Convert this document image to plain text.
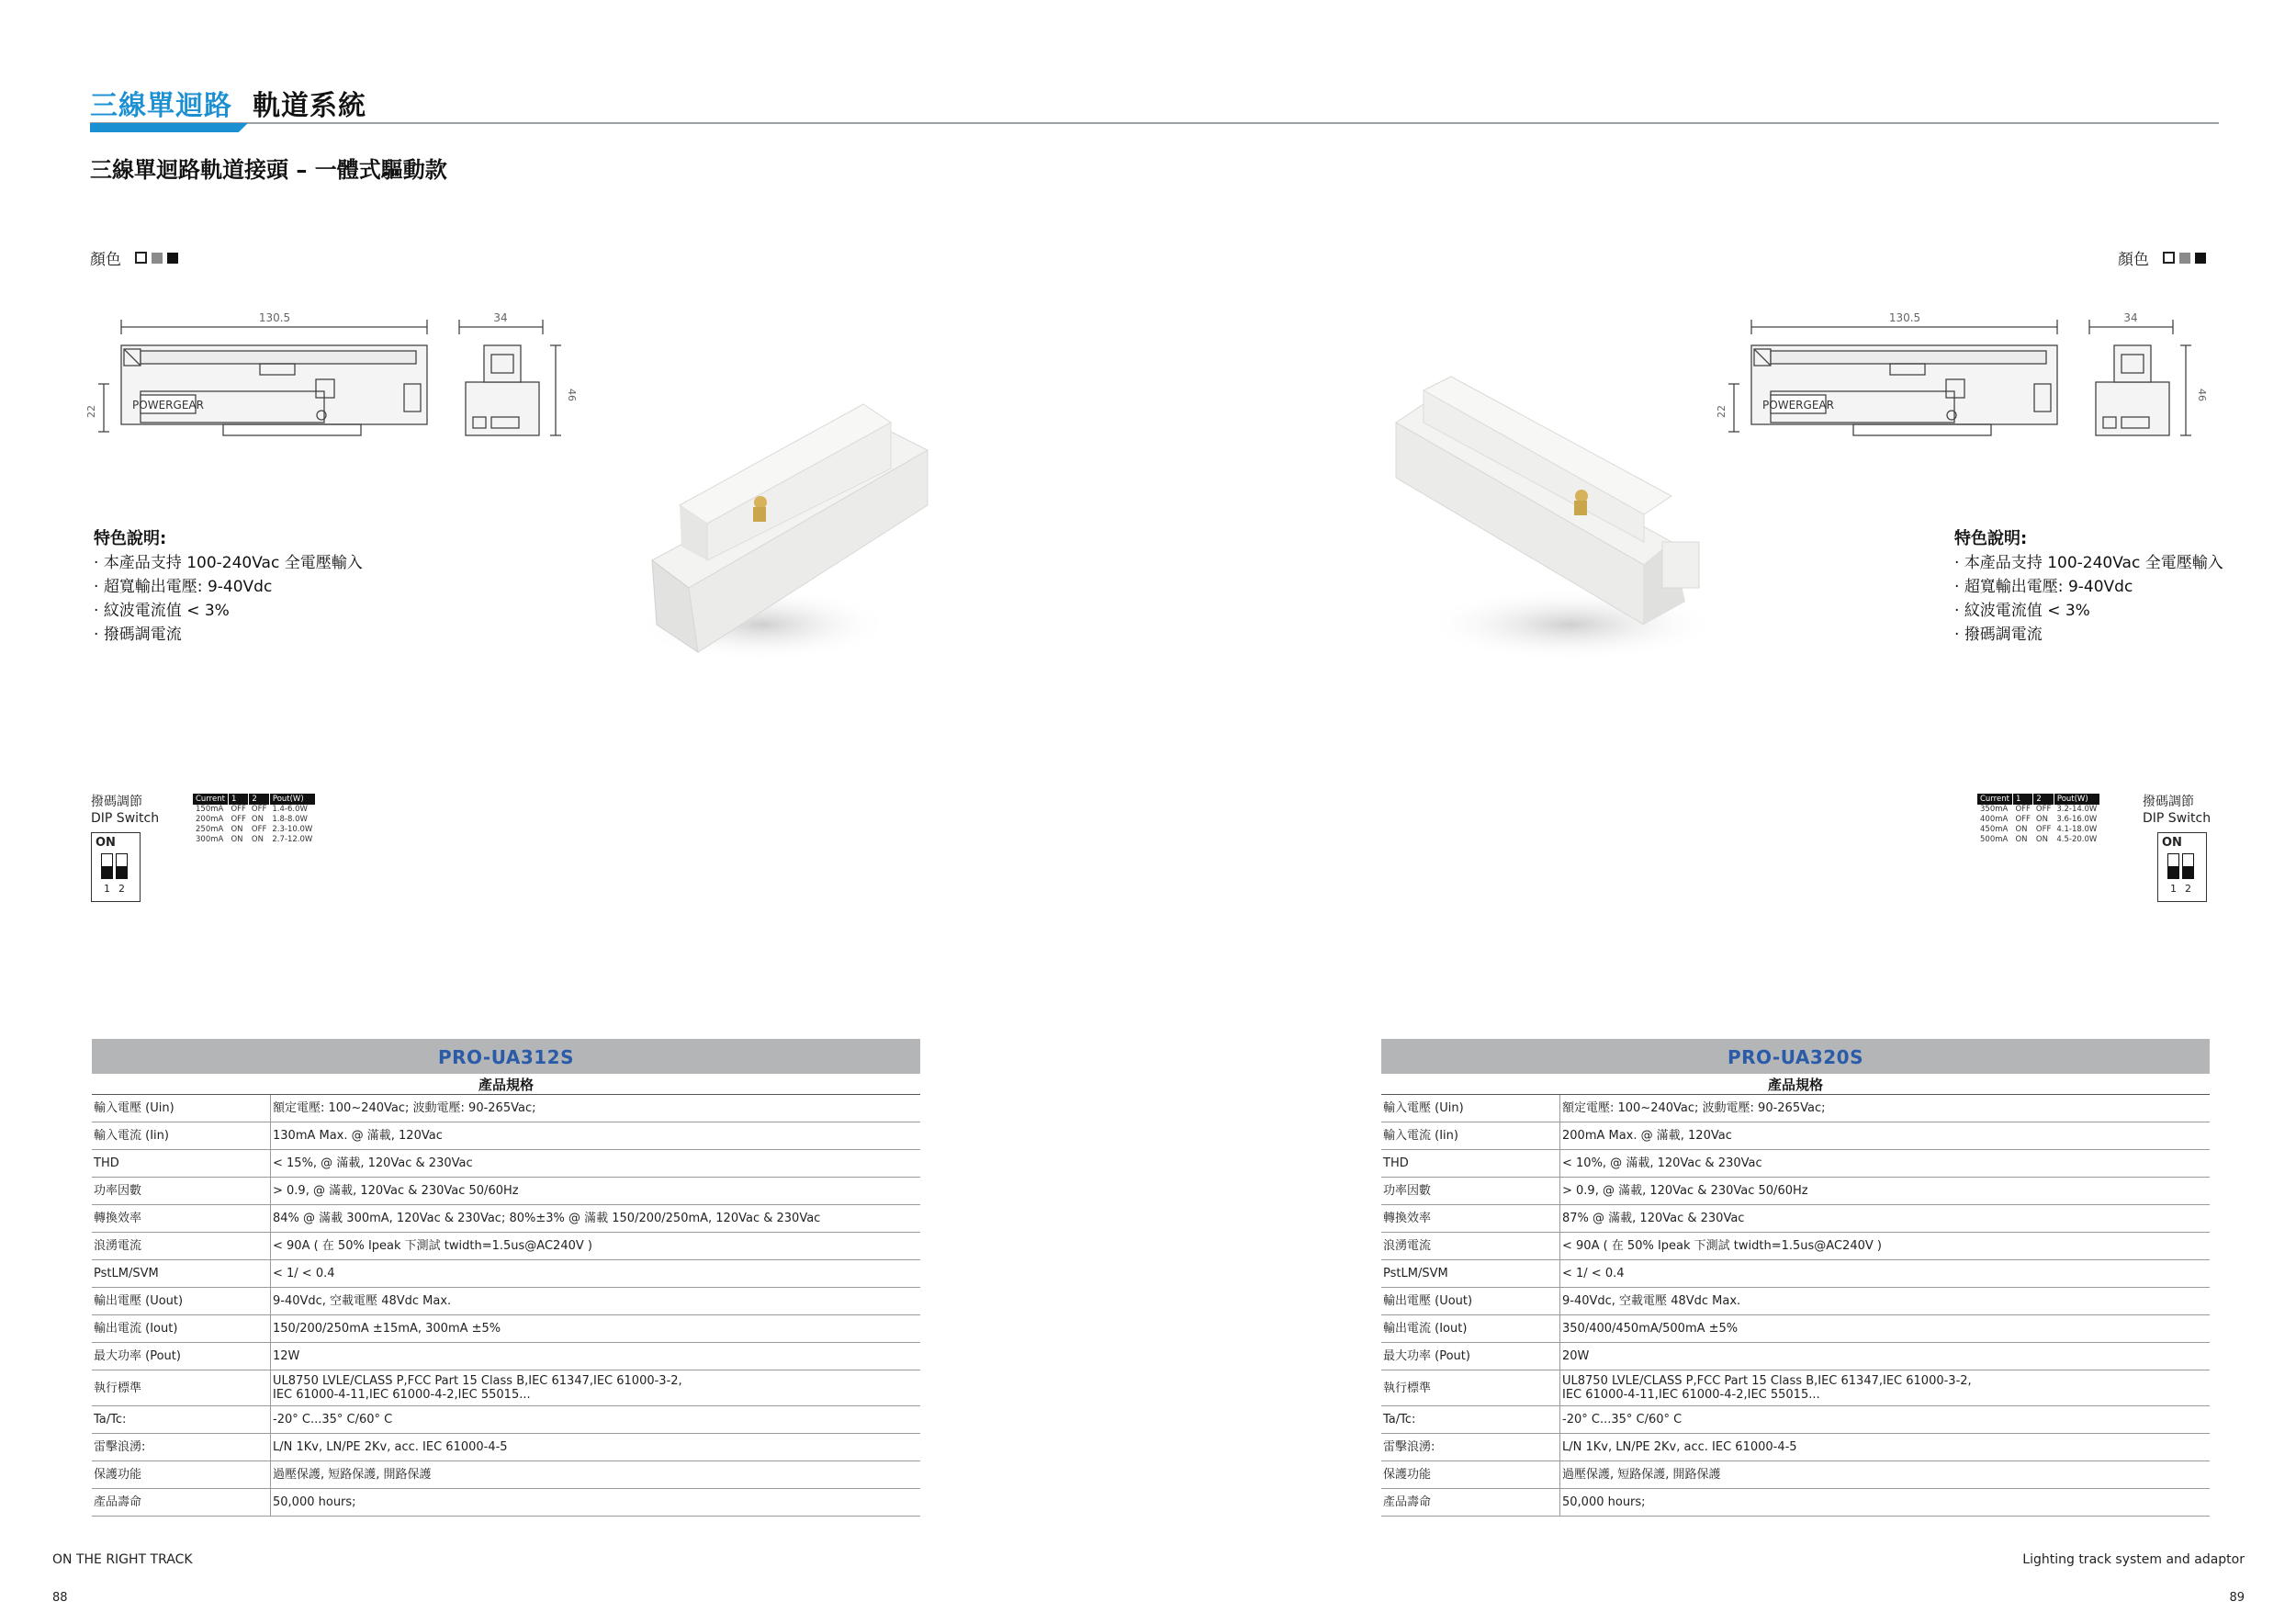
三線單迴路 軌道系統
三線單迴路軌道接頭 – 一體式驅動款
顏色	顏色
POWERGEAR
130.5	34
22
46
POWERGEAR
130.5	34
22
46
特色說明:
· 本產品支持 100-240Vac 全電壓輸入
· 超寬輸出電壓: 9-40Vdc
· 紋波電流值 < 3%
· 撥碼調電流
特色說明:
· 本產品支持 100-240Vac 全電壓輸入
· 超寬輸出電壓: 9-40Vdc
· 紋波電流值 < 3%
· 撥碼調電流
撥碼調節
DIP Switch
ON
1 2
Current	1	2	Pout(W)
150mA	OFF	OFF	1.4-6.0W
200mA	OFF	ON	1.8-8.0W
250mA	ON	OFF	2.3-10.0W
300mA	ON	ON	2.7-12.0W
Current	1	2	Pout(W)
350mA	OFF	OFF	3.2-14.0W
400mA	OFF	ON	3.6-16.0W
450mA	ON	OFF	4.1-18.0W
500mA	ON	ON	4.5-20.0W
撥碼調節
DIP Switch
ON
1 2
PRO-UA312S
產品規格
輸入電壓 (Uin)	額定電壓: 100~240Vac; 波動電壓: 90-265Vac;
輸入電流 (Iin)	130mA Max. @ 滿載, 120Vac
THD	< 15%, @ 滿載, 120Vac & 230Vac
功率因數	> 0.9, @ 滿載, 120Vac & 230Vac 50/60Hz
轉換效率	84% @ 滿載 300mA, 120Vac & 230Vac; 80%±3% @ 滿載 150/200/250mA, 120Vac & 230Vac
浪湧電流	< 90A ( 在 50% Ipeak 下測試 twidth=1.5us@AC240V )
PstLM/SVM	< 1/ < 0.4
輸出電壓 (Uout)	9-40Vdc, 空載電壓 48Vdc Max.
輸出電流 (Iout)	150/200/250mA ±15mA, 300mA ±5%
最大功率 (Pout)	12W
執行標準	UL8750 LVLE/CLASS P,FCC Part 15 Class B,IEC 61347,IEC 61000-3-2,
IEC 61000-4-11,IEC 61000-4-2,IEC 55015...
Ta/Tc:	-20° C...35° C/60° C
雷擊浪湧:	L/N 1Kv, LN/PE 2Kv, acc. IEC 61000-4-5
保護功能	過壓保護, 短路保護, 開路保護
產品壽命	50,000 hours;
PRO-UA320S
產品規格
輸入電壓 (Uin)	額定電壓: 100~240Vac; 波動電壓: 90-265Vac;
輸入電流 (Iin)	200mA Max. @ 滿載, 120Vac
THD	< 10%, @ 滿載, 120Vac & 230Vac
功率因數	> 0.9, @ 滿載, 120Vac & 230Vac 50/60Hz
轉換效率	87% @ 滿載, 120Vac & 230Vac
浪湧電流	< 90A ( 在 50% Ipeak 下測試 twidth=1.5us@AC240V )
PstLM/SVM	< 1/ < 0.4
輸出電壓 (Uout)	9-40Vdc, 空載電壓 48Vdc Max.
輸出電流 (Iout)	350/400/450mA/500mA ±5%
最大功率 (Pout)	20W
執行標準	UL8750 LVLE/CLASS P,FCC Part 15 Class B,IEC 61347,IEC 61000-3-2,
IEC 61000-4-11,IEC 61000-4-2,IEC 55015...
Ta/Tc:	-20° C...35° C/60° C
雷擊浪湧:	L/N 1Kv, LN/PE 2Kv, acc. IEC 61000-4-5
保護功能	過壓保護, 短路保護, 開路保護
產品壽命	50,000 hours;
ON THE RIGHT TRACK	Lighting track system and adaptor
88	89
